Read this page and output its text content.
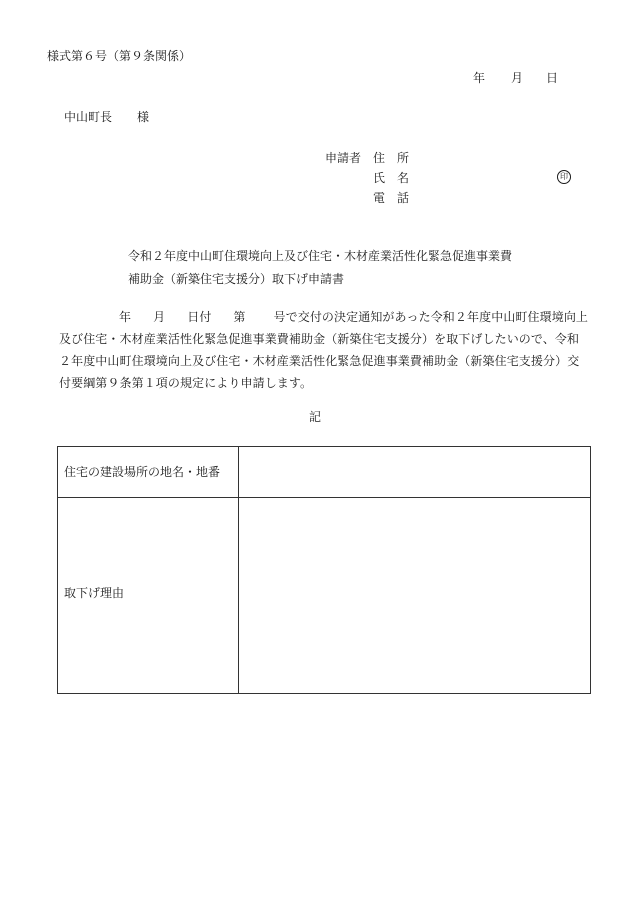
様式第６号（第９条関係）
年 月 日
中山町長 様
申請者 住　所
氏　名	印
電　話
令和２年度中山町住環境向上及び住宅・木材産業活性化緊急促進事業費
補助金（新築住宅支援分）取下げ申請書
年 月 日付 第 号で交付の決定通知があった令和２年度中山町住環境向上及び住宅・木材産業活性化緊急促進事業費補助金（新築住宅支援分）を取下げしたいので、令和２年度中山町住環境向上及び住宅・木材産業活性化緊急促進事業費補助金（新築住宅支援分）交付要綱第９条第１項の規定により申請します。
記
住宅の建設場所の地名・地番
取下げ理由
